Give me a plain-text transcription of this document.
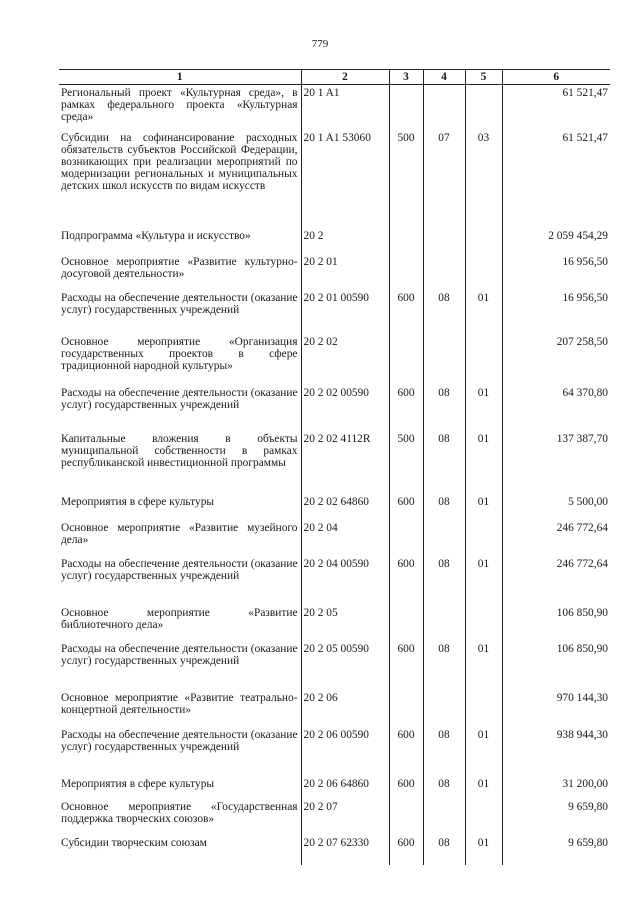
779
1	2	3	4	5	6
Региональный проект «Культурная среда», в рамках федерального проекта «Культурная среда»	20 1 A1				61 521,47
Субсидии на софинансирование расходных обязательств субъектов Российской Федерации, возникающих при реализации мероприятий по модернизации региональных и муниципальных детских школ искусств по видам искусств	20 1 A1 53060	500	07	03	61 521,47
Подпрограмма «Культура и искусство»	20 2				2 059 454,29
Основное мероприятие «Развитие культурно-досуговой деятельности»	20 2 01				16 956,50
Расходы на обеспечение деятельности (оказание услуг) государственных учреждений	20 2 01 00590	600	08	01	16 956,50
Основное мероприятие «Организация государственных проектов в сфере традиционной народной культуры»	20 2 02				207 258,50
Расходы на обеспечение деятельности (оказание услуг) государственных учреждений	20 2 02 00590	600	08	01	64 370,80
Капитальные вложения в объекты муниципальной собственности в рамках республиканской инвестиционной программы	20 2 02 4112R	500	08	01	137 387,70
Мероприятия в сфере культуры	20 2 02 64860	600	08	01	5 500,00
Основное мероприятие «Развитие музейного дела»	20 2 04				246 772,64
Расходы на обеспечение деятельности (оказание услуг) государственных учреждений	20 2 04 00590	600	08	01	246 772,64
Основное мероприятие «Развитие библиотечного дела»	20 2 05				106 850,90
Расходы на обеспечение деятельности (оказание услуг) государственных учреждений	20 2 05 00590	600	08	01	106 850,90
Основное мероприятие «Развитие театрально-концертной деятельности»	20 2 06				970 144,30
Расходы на обеспечение деятельности (оказание услуг) государственных учреждений	20 2 06 00590	600	08	01	938 944,30
Мероприятия в сфере культуры	20 2 06 64860	600	08	01	31 200,00
Основное мероприятие «Государственная поддержка творческих союзов»	20 2 07				9 659,80
Субсидии творческим союзам	20 2 07 62330	600	08	01	9 659,80
